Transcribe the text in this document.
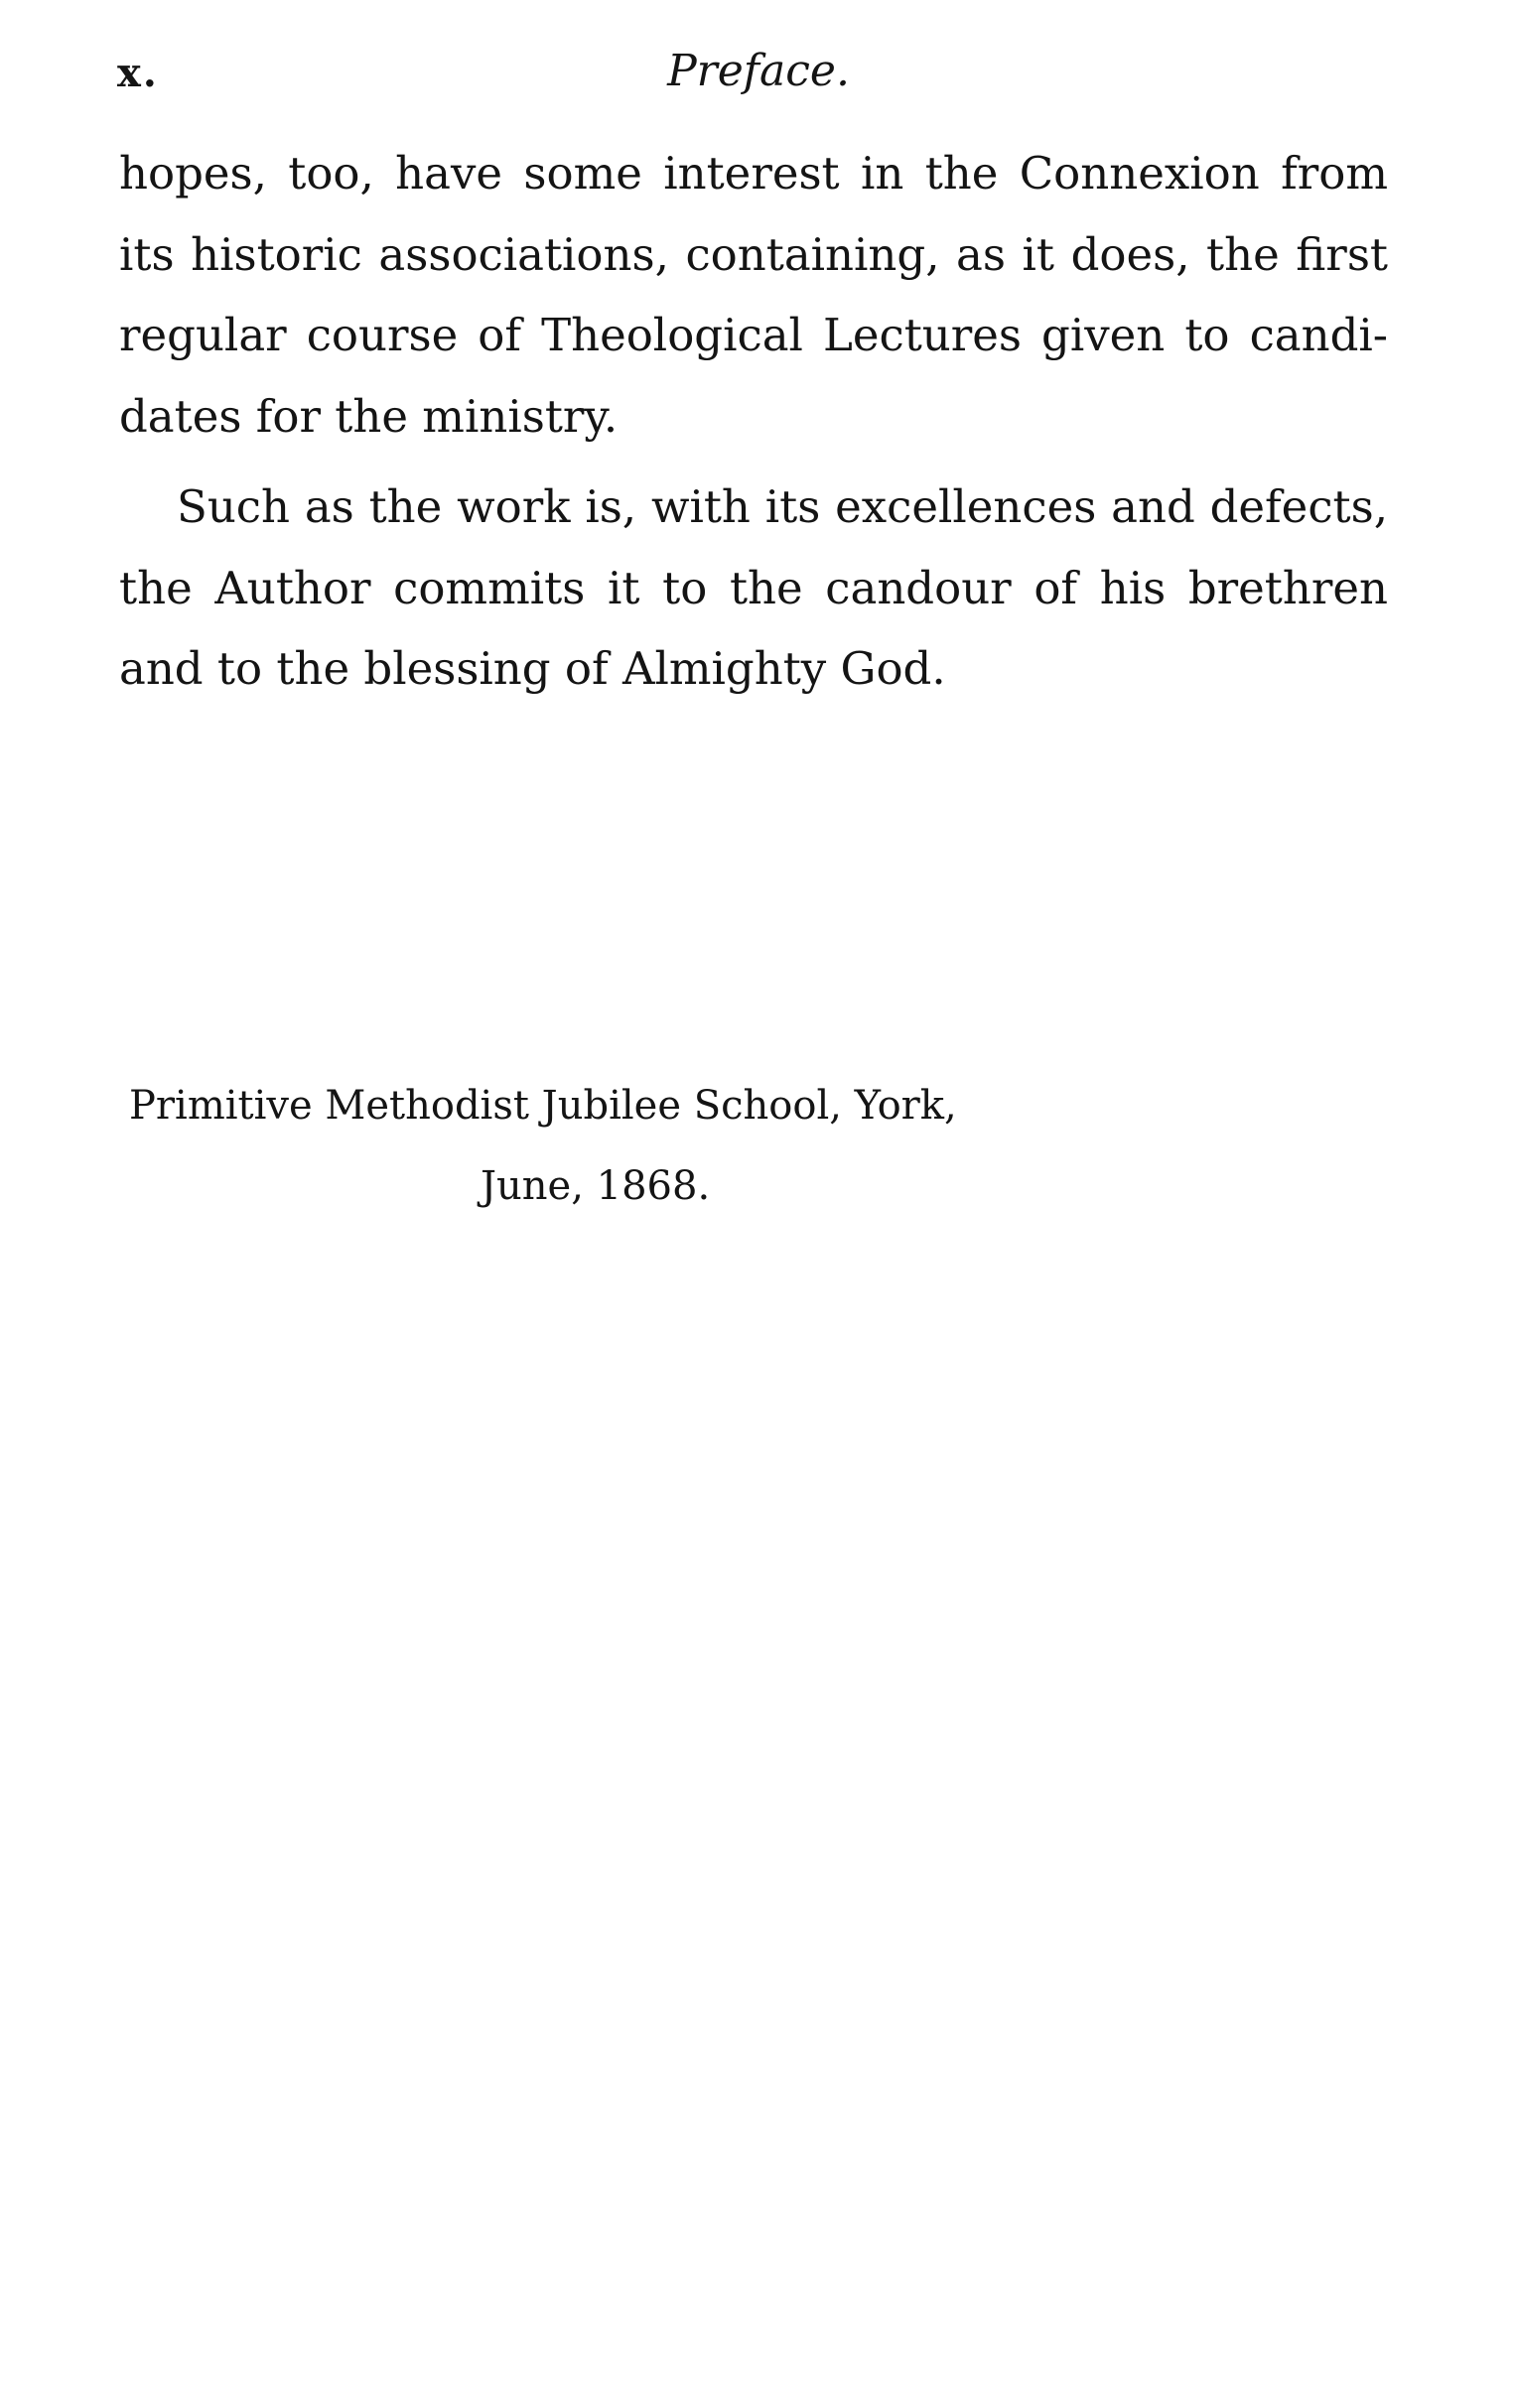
x.	Preface.
hopes, too, have some interest in the Connexion from
its historic associations, containing, as it does, the first
regular course of Theological Lectures given to candi-
dates for the ministry.
Such as the work is, with its excellences and defects,
the Author commits it to the candour of his brethren
and to the blessing of Almighty God.
Primitive Methodist Jubilee School, York,
June, 1868.
